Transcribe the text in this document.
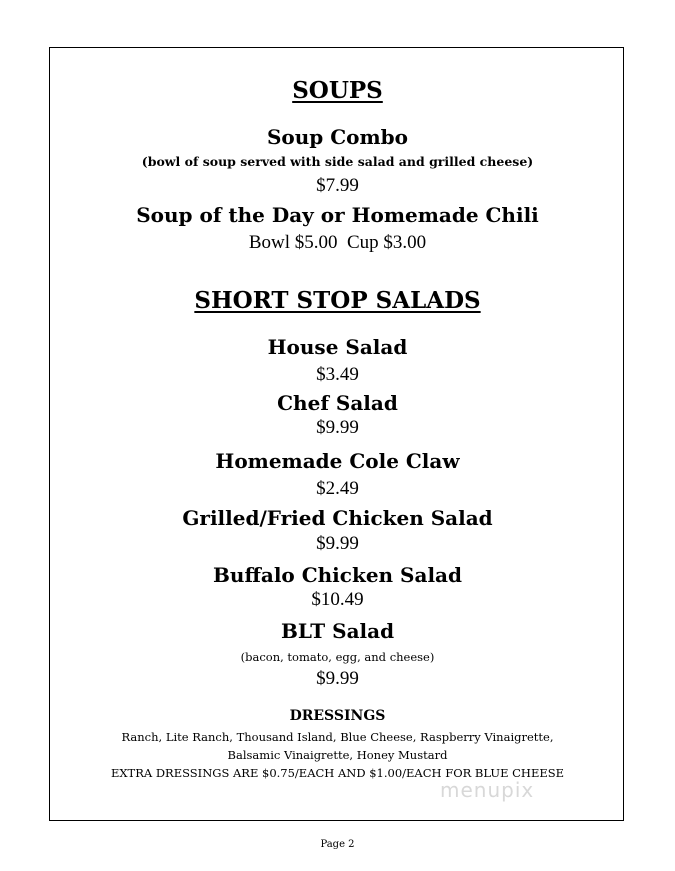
SOUPS
Soup Combo
(bowl of soup served with side salad and grilled cheese)
$7.99
Soup of the Day or Homemade Chili
Bowl $5.00  Cup $3.00
SHORT STOP SALADS
House Salad
$3.49
Chef Salad
$9.99
Homemade Cole Claw
$2.49
Grilled/Fried Chicken Salad
$9.99
Buffalo Chicken Salad
$10.49
BLT Salad
(bacon, tomato, egg, and cheese)
$9.99
DRESSINGS
Ranch, Lite Ranch, Thousand Island, Blue Cheese, Raspberry Vinaigrette,
Balsamic Vinaigrette, Honey Mustard
EXTRA DRESSINGS ARE $0.75/EACH AND $1.00/EACH FOR BLUE CHEESE
menupix
Page 2
